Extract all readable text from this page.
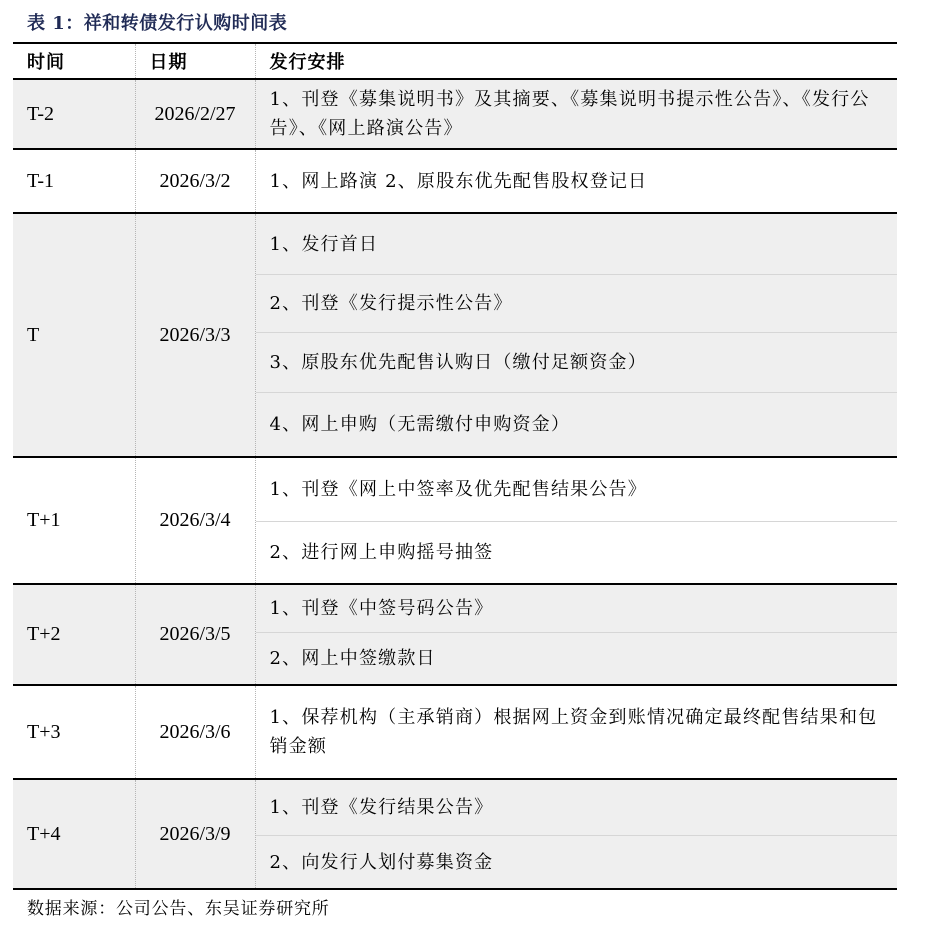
表 1：祥和转债发行认购时间表
时间	日期	发行安排
T-2	2026/2/27	1、刊登《募集说明书》及其摘要、《募集说明书提示性公告》、《发行公告》、《网上路演公告》

T-1	2026/3/2	1、网上路演 2、原股东优先配售股权登记日

T	2026/3/3	1、发行首日
2、刊登《发行提示性公告》
3、原股东优先配售认购日（缴付足额资金）
4、网上申购（无需缴付申购资金）

T+1	2026/3/4	1、刊登《网上中签率及优先配售结果公告》
2、进行网上申购摇号抽签

T+2	2026/3/5	1、刊登《中签号码公告》
2、网上中签缴款日

T+3	2026/3/6	1、保荐机构（主承销商）根据网上资金到账情况确定最终配售结果和包销金额

T+4	2026/3/9	1、刊登《发行结果公告》
2、向发行人划付募集资金
数据来源：公司公告、东吴证券研究所
